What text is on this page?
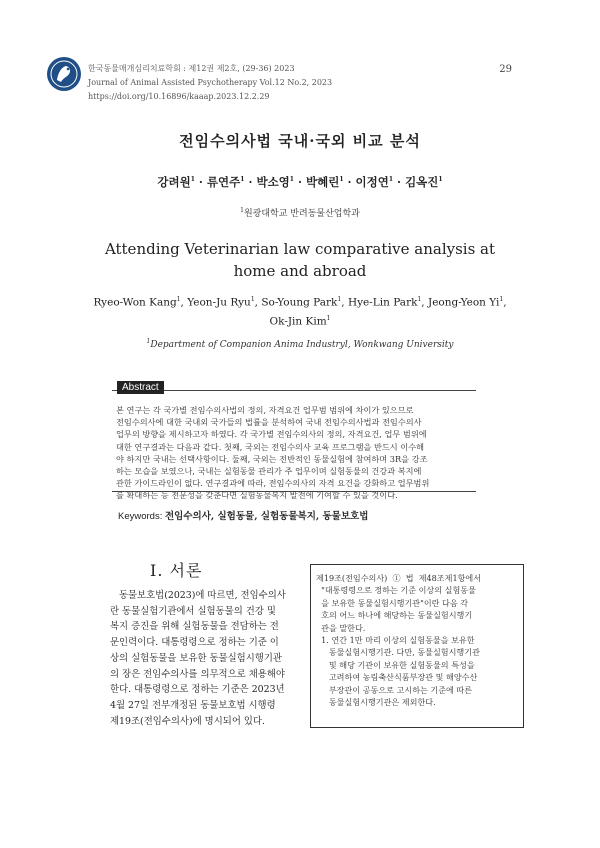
한국동물매개심리치료학회 : 제12권 제2호, (29-36) 2023
Journal of Animal Assisted Psychotherapy Vol.12 No.2, 2023
https://doi.org/10.16896/kaaap.2023.12.2.29
29
전임수의사법 국내·국외 비교 분석
강려원$^1$ · 류연주$^1$ · 박소영$^1$ · 박혜린$^1$ · 이정연$^1$ · 김옥진$^1$
$^1$원광대학교 반려동물산업학과
Attending Veterinarian law comparative analysis at
home and abroad
Ryeo-Won Kang$^1$, Yeon-Ju Ryu$^1$, So-Young Park$^1$, Hye-Lin Park$^1$, Jeong-Yeon Yi$^1$,
Ok-Jin Kim$^1$
$^1$Department of Companion Anima Industryl, Wonkwang University
Abstract
본 연구는 각 국가별 전임수의사법의 정의, 자격요건 업무범 범위에 차이가 있으므로
전임수의사에 대한 국내외 국가들의 법률을 분석하여 국내 전임수의사법과 전임수의사
업무의 방향을 제시하고자 하였다. 각 국가별 전임수의사의 정의, 자격요건, 업무 범위에
대한 연구결과는 다음과 같다. 첫째, 국외는 전임수의사 교육 프로그램을 반드시 이수해
야 하지만 국내는 선택사항이다. 둘째, 국외는 전반적인 동물실험에 참여하며 3R을 강조
하는 모습을 보였으나, 국내는 실험동물 관리가 주 업무이며 실험동물의 건강과 복지에
관한 가이드라인이 없다. 연구결과에 따라, 전임수의사의 자격 요건을 강화하고 업무범위
를 확대하는 등 전문성을 갖춘다면 실험동물복지 발전에 기여할 수 있을 것이다.
Keywords: 전임수의사, 실험동물, 실험동물복지, 동물보호법
Ⅰ. 서론
동물보호법(2023)에 따르면, 전임수의사
란 동물실험기관에서 실험동물의 건강 및
복지 증진을 위해 실험동물을 전담하는 전
문인력이다. 대통령령으로 정하는 기준 이
상의 실험동물을 보유한 동물실험시행기관
의 장은 전임수의사를 의무적으로 채용해야
한다. 대통령령으로 정하는 기준은 2023년
4월 27일 전부개정된 동물보호법 시행령
제19조(전임수의사)에 명시되어 있다.
제19조(전임수의사)  ①  법  제48조제1항에서
"대통령령으로 정하는 기준 이상의 실험동물
을 보유한 동물실험시행기관"이란 다음 각
호의 어느 하나에 해당하는 동물실험시행기
관을 말한다.
1. 연간 1만 마리 이상의 실험동물을 보유한
동물실험시행기관. 다만, 동물실험시행기관
및 해당 기관이 보유한 실험동물의 특성을
고려하여 농림축산식품부장관 및 해양수산
부장관이 공동으로 고시하는 기준에 따른
동물실험시행기관은 제외한다.
